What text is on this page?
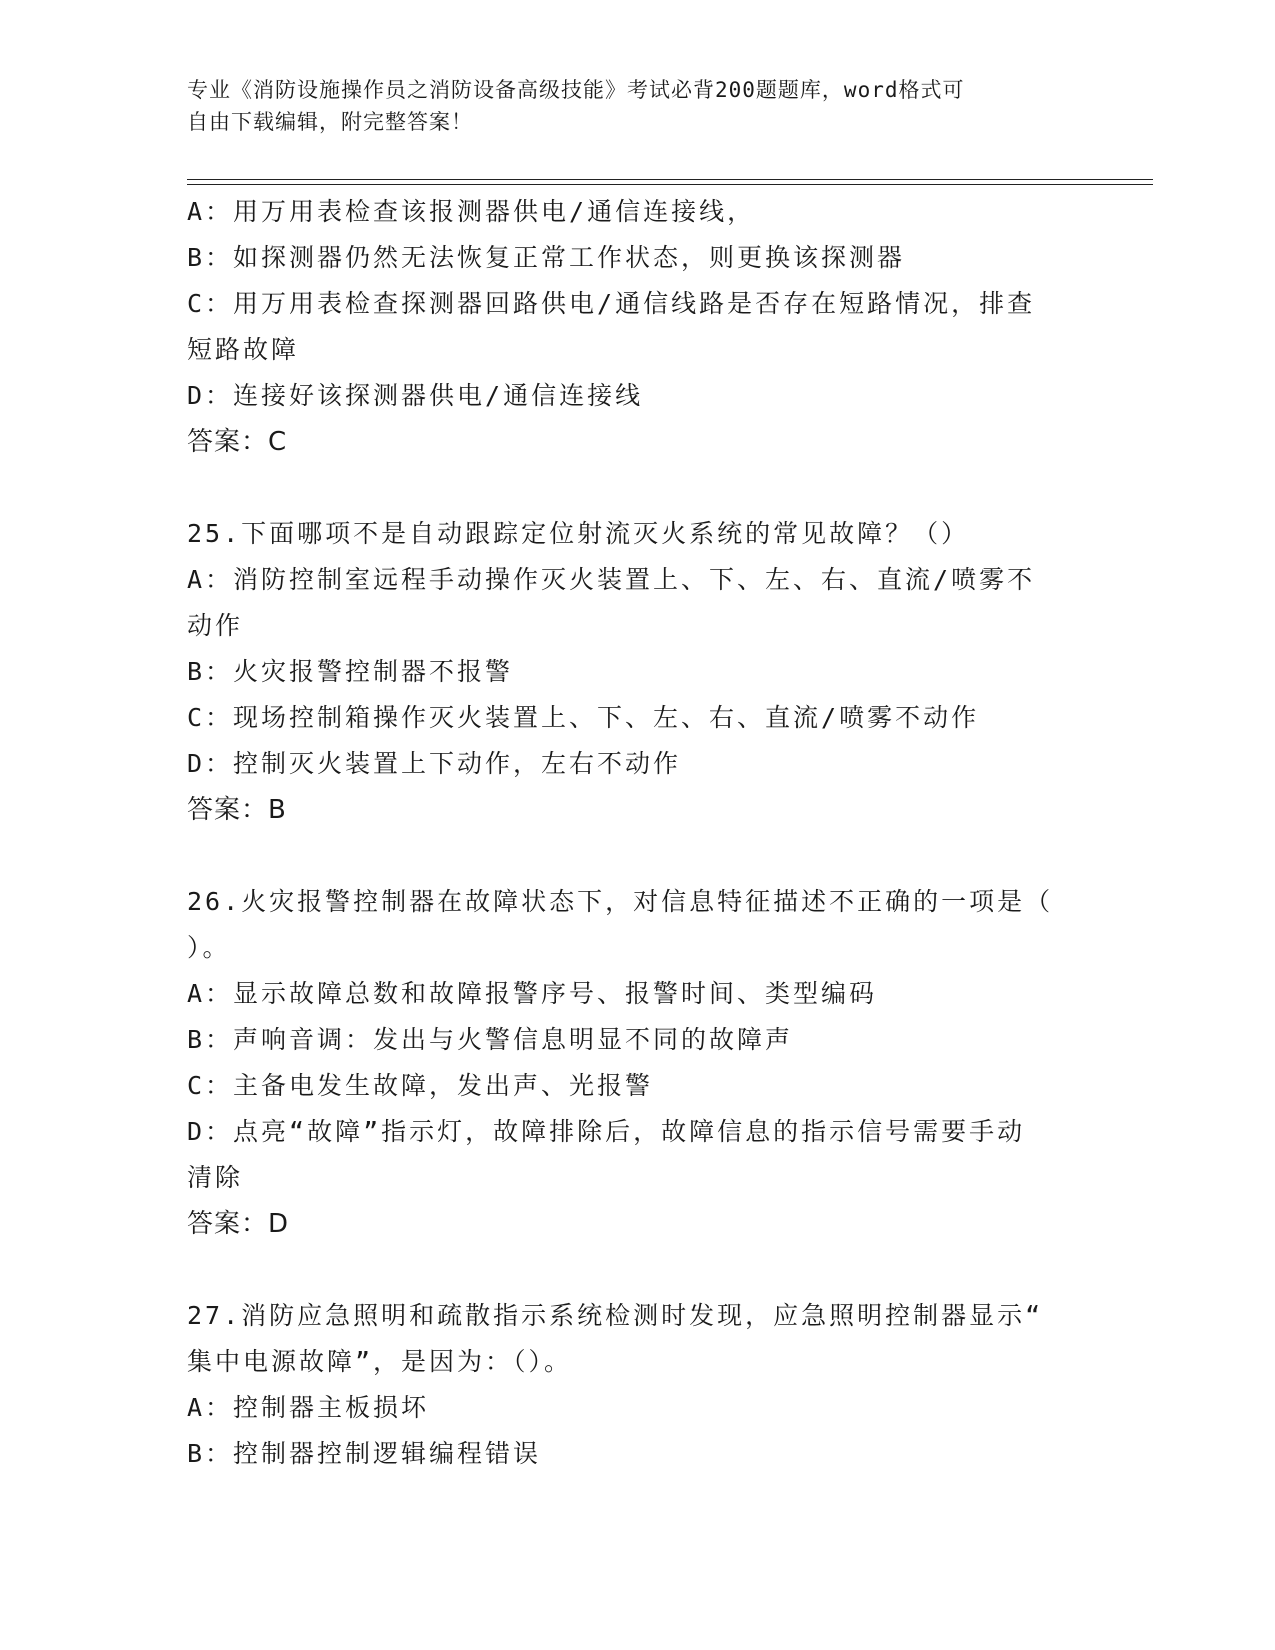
专业《消防设施操作员之消防设备高级技能》考试必背200题题库，word格式可
自由下载编辑，附完整答案！
A：用万用表检查该报测器供电/通信连接线，
B：如探测器仍然无法恢复正常工作状态，则更换该探测器
C：用万用表检查探测器回路供电/通信线路是否存在短路情况，排查
短路故障
D：连接好该探测器供电/通信连接线
答案：C
25.下面哪项不是自动跟踪定位射流灭火系统的常见故障？（）
A：消防控制室远程手动操作灭火装置上、下、左、右、直流/喷雾不
动作
B：火灾报警控制器不报警
C：现场控制箱操作灭火装置上、下、左、右、直流/喷雾不动作
D：控制灭火装置上下动作，左右不动作
答案：B
26.火灾报警控制器在故障状态下，对信息特征描述不正确的一项是（
）。
A：显示故障总数和故障报警序号、报警时间、类型编码
B：声响音调：发出与火警信息明显不同的故障声
C：主备电发生故障，发出声、光报警
D：点亮“故障”指示灯，故障排除后，故障信息的指示信号需要手动
清除
答案：D
27.消防应急照明和疏散指示系统检测时发现，应急照明控制器显示“
集中电源故障”，是因为：（）。
A：控制器主板损坏
B：控制器控制逻辑编程错误
